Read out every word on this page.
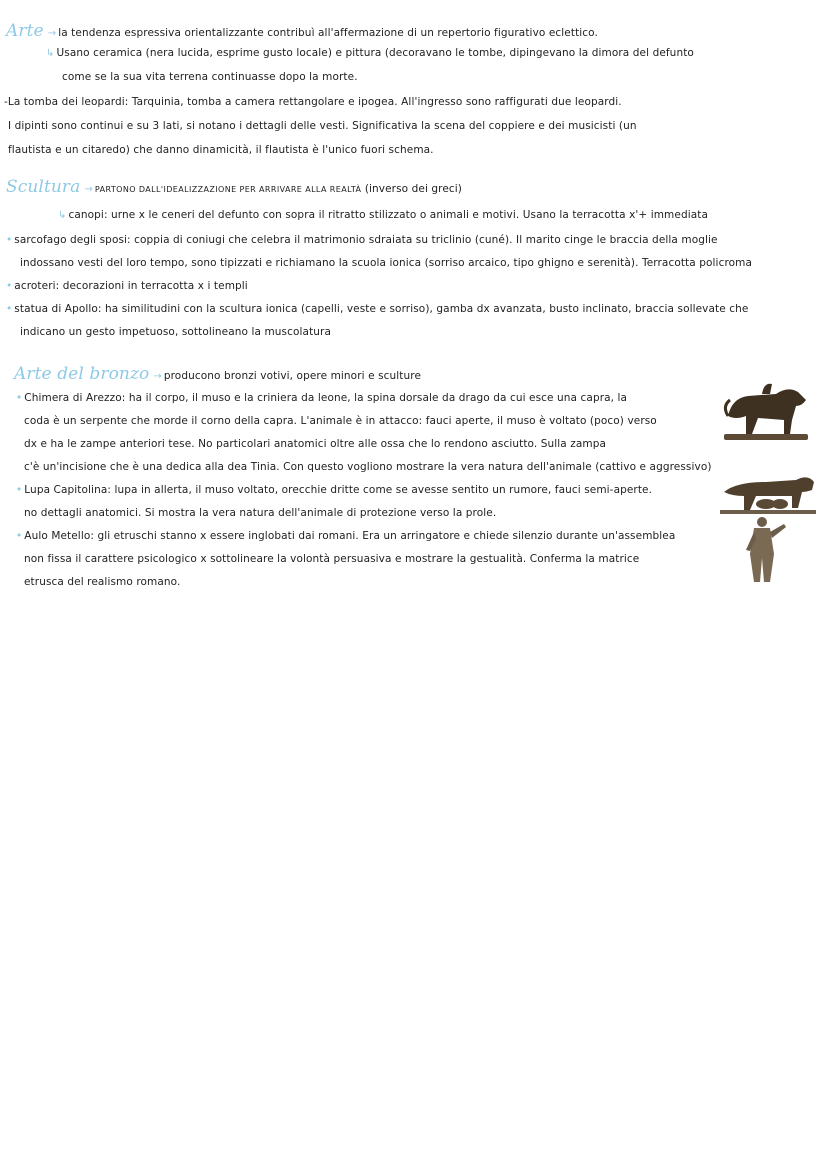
Arte → la tendenza espressiva orientalizzante contribuì all'affermazione di un repertorio figurativo eclettico.
↳ Usano ceramica (nera lucida, esprime gusto locale) e pittura (decoravano le tombe, dipingevano la dimora del defunto
come se la sua vita terrena continuasse dopo la morte.
-La tomba dei leopardi: Tarquinia, tomba a camera rettangolare e ipogea. All'ingresso sono raffigurati due leopardi.
I dipinti sono continui e su 3 lati, si notano i dettagli delle vesti. Significativa la scena del coppiere e dei musicisti (un
flautista e un citaredo) che danno dinamicità, il flautista è l'unico fuori schema.
Scultura → PARTONO DALL'IDEALIZZAZIONE PER ARRIVARE ALLA REALTÀ (inverso dei greci)
↳ canopi: urne x le ceneri del defunto con sopra il ritratto stilizzato o animali e motivi. Usano la terracotta x'+ immediata
• sarcofago degli sposi: coppia di coniugi che celebra il matrimonio sdraiata su triclinio (cuné). Il marito cinge le braccia della moglie
indossano vesti del loro tempo, sono tipizzati e richiamano la scuola ionica (sorriso arcaico, tipo ghigno e serenità). Terracotta policroma
• acroteri: decorazioni in terracotta x i templi
• statua di Apollo: ha similitudini con la scultura ionica (capelli, veste e sorriso), gamba dx avanzata, busto inclinato, braccia sollevate che
indicano un gesto impetuoso, sottolineano la muscolatura
Arte del bronzo → producono bronzi votivi, opere minori e sculture
• Chimera di Arezzo: ha il corpo, il muso e la criniera da leone, la spina dorsale da drago da cui esce una capra, la
coda è un serpente che morde il corno della capra. L'animale è in attacco: fauci aperte, il muso è voltato (poco) verso
dx e ha le zampe anteriori tese. No particolari anatomici oltre alle ossa che lo rendono asciutto. Sulla zampa
c'è un'incisione che è una dedica alla dea Tinia. Con questo vogliono mostrare la vera natura dell'animale (cattivo e aggressivo)
• Lupa Capitolina: lupa in allerta, il muso voltato, orecchie dritte come se avesse sentito un rumore, fauci semi-aperte.
no dettagli anatomici. Si mostra la vera natura dell'animale di protezione verso la prole.
• Aulo Metello: gli etruschi stanno x essere inglobati dai romani. Era un arringatore e chiede silenzio durante un'assemblea
non fissa il carattere psicologico x sottolineare la volontà persuasiva e mostrare la gestualità. Conferma la matrice
etrusca del realismo romano.
